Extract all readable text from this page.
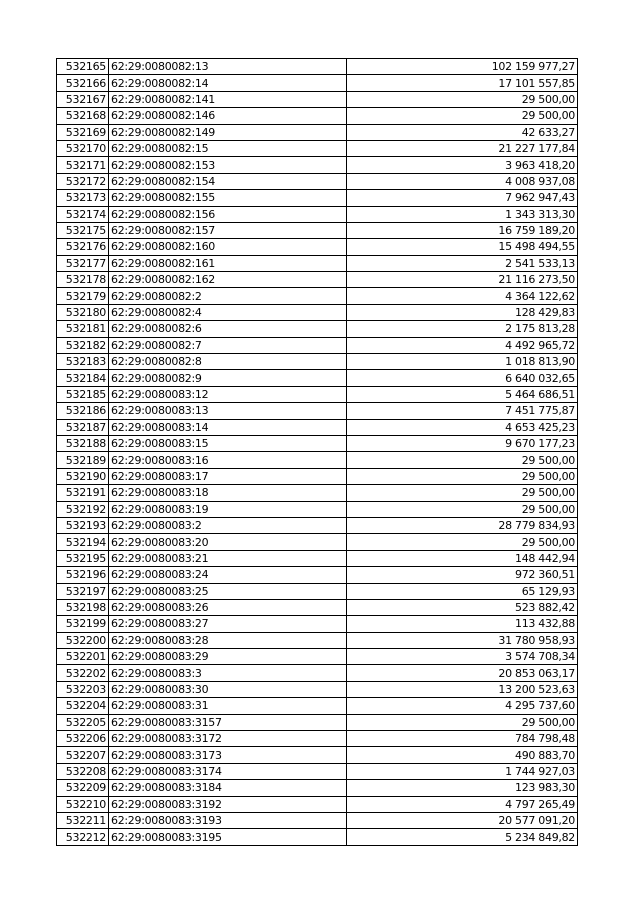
532165	62:29:0080082:13	102 159 977,27
532166	62:29:0080082:14	17 101 557,85
532167	62:29:0080082:141	29 500,00
532168	62:29:0080082:146	29 500,00
532169	62:29:0080082:149	42 633,27
532170	62:29:0080082:15	21 227 177,84
532171	62:29:0080082:153	3 963 418,20
532172	62:29:0080082:154	4 008 937,08
532173	62:29:0080082:155	7 962 947,43
532174	62:29:0080082:156	1 343 313,30
532175	62:29:0080082:157	16 759 189,20
532176	62:29:0080082:160	15 498 494,55
532177	62:29:0080082:161	2 541 533,13
532178	62:29:0080082:162	21 116 273,50
532179	62:29:0080082:2	4 364 122,62
532180	62:29:0080082:4	128 429,83
532181	62:29:0080082:6	2 175 813,28
532182	62:29:0080082:7	4 492 965,72
532183	62:29:0080082:8	1 018 813,90
532184	62:29:0080082:9	6 640 032,65
532185	62:29:0080083:12	5 464 686,51
532186	62:29:0080083:13	7 451 775,87
532187	62:29:0080083:14	4 653 425,23
532188	62:29:0080083:15	9 670 177,23
532189	62:29:0080083:16	29 500,00
532190	62:29:0080083:17	29 500,00
532191	62:29:0080083:18	29 500,00
532192	62:29:0080083:19	29 500,00
532193	62:29:0080083:2	28 779 834,93
532194	62:29:0080083:20	29 500,00
532195	62:29:0080083:21	148 442,94
532196	62:29:0080083:24	972 360,51
532197	62:29:0080083:25	65 129,93
532198	62:29:0080083:26	523 882,42
532199	62:29:0080083:27	113 432,88
532200	62:29:0080083:28	31 780 958,93
532201	62:29:0080083:29	3 574 708,34
532202	62:29:0080083:3	20 853 063,17
532203	62:29:0080083:30	13 200 523,63
532204	62:29:0080083:31	4 295 737,60
532205	62:29:0080083:3157	29 500,00
532206	62:29:0080083:3172	784 798,48
532207	62:29:0080083:3173	490 883,70
532208	62:29:0080083:3174	1 744 927,03
532209	62:29:0080083:3184	123 983,30
532210	62:29:0080083:3192	4 797 265,49
532211	62:29:0080083:3193	20 577 091,20
532212	62:29:0080083:3195	5 234 849,82
